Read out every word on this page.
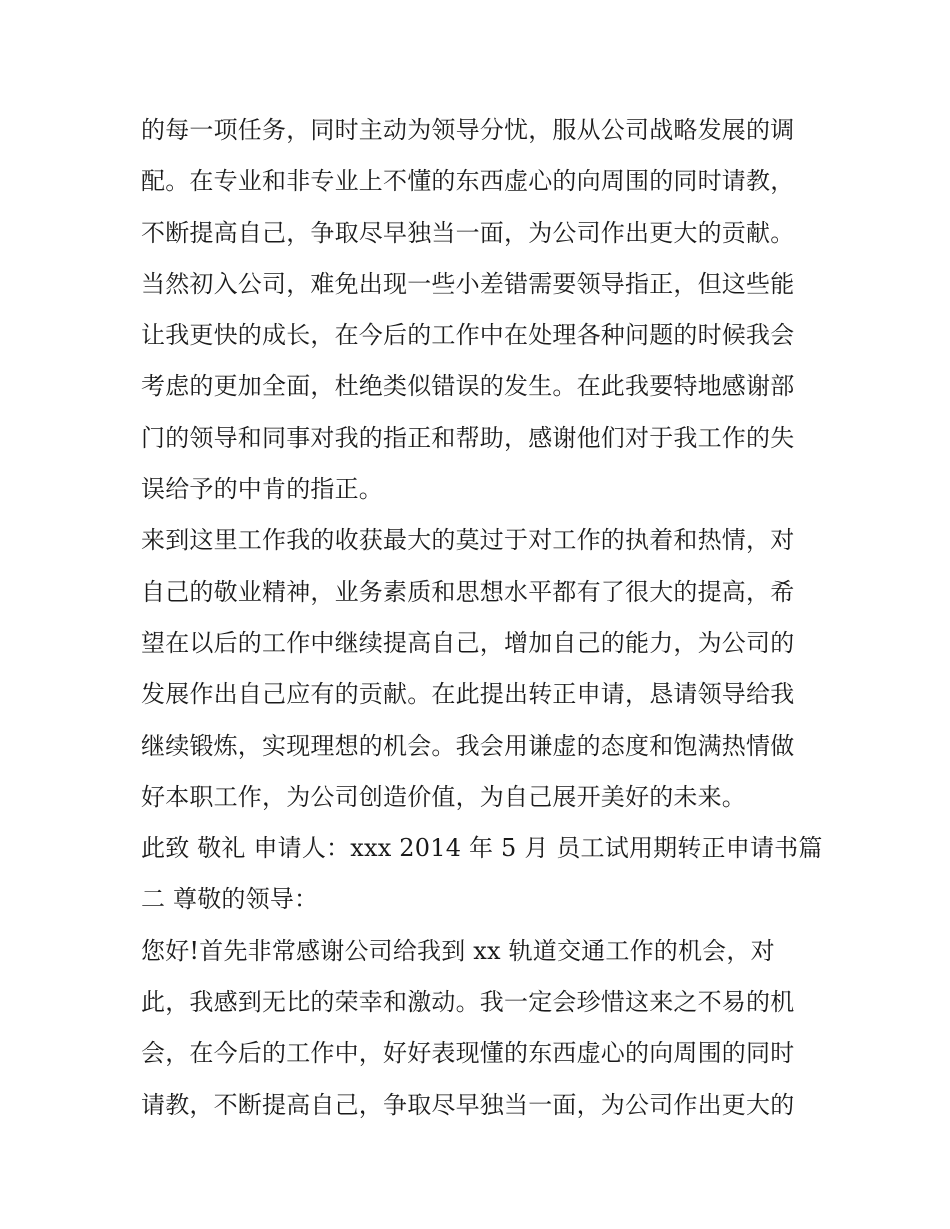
的每一项任务，同时主动为领导分忧，服从公司战略发展的调
配。在专业和非专业上不懂的东西虚心的向周围的同时请教，
不断提高自己，争取尽早独当一面，为公司作出更大的贡献。
当然初入公司，难免出现一些小差错需要领导指正，但这些能
让我更快的成长，在今后的工作中在处理各种问题的时候我会
考虑的更加全面，杜绝类似错误的发生。在此我要特地感谢部
门的领导和同事对我的指正和帮助，感谢他们对于我工作的失
误给予的中肯的指正。
来到这里工作我的收获最大的莫过于对工作的执着和热情，对
自己的敬业精神，业务素质和思想水平都有了很大的提高，希
望在以后的工作中继续提高自己，增加自己的能力，为公司的
发展作出自己应有的贡献。在此提出转正申请，恳请领导给我
继续锻炼，实现理想的机会。我会用谦虚的态度和饱满热情做
好本职工作，为公司创造价值，为自己展开美好的未来。
此致 敬礼 申请人：xxx 2014 年 5 月 员工试用期转正申请书篇
二 尊敬的领导：
您好!首先非常感谢公司给我到 xx 轨道交通工作的机会，对
此，我感到无比的荣幸和激动。我一定会珍惜这来之不易的机
会，在今后的工作中，好好表现懂的东西虚心的向周围的同时
请教，不断提高自己，争取尽早独当一面，为公司作出更大的
